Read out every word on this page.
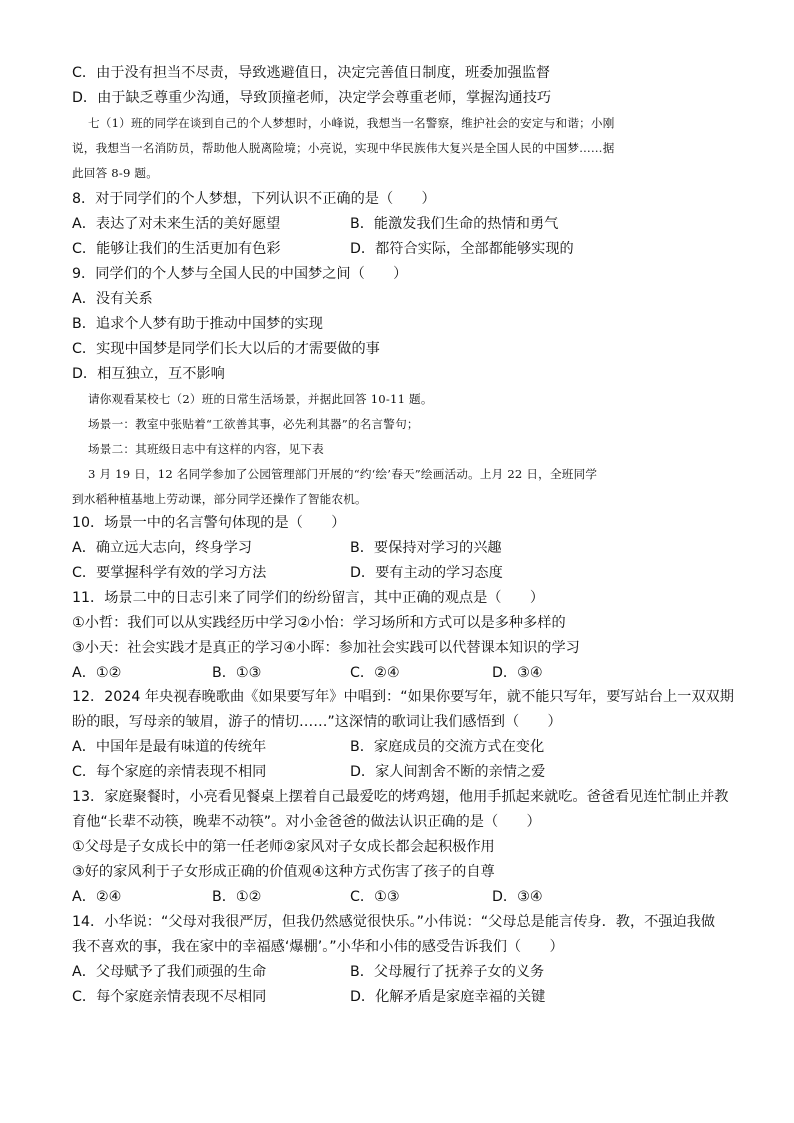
C．由于没有担当不尽责，导致逃避值日，决定完善值日制度，班委加强监督
D．由于缺乏尊重少沟通，导致顶撞老师，决定学会尊重老师，掌握沟通技巧
七（1）班的同学在谈到自己的个人梦想时，小峰说，我想当一名警察，维护社会的安定与和谐；小刚
说，我想当一名消防员，帮助他人脱离险境；小亮说，实现中华民族伟大复兴是全国人民的中国梦……据
此回答 8-9 题。
8．对于同学们的个人梦想，下列认识不正确的是（　　）
A．表达了对未来生活的美好愿望	B．能激发我们生命的热情和勇气
C．能够让我们的生活更加有色彩	D．都符合实际，全部都能够实现的
9．同学们的个人梦与全国人民的中国梦之间（　　）
A．没有关系
B．追求个人梦有助于推动中国梦的实现
C．实现中国梦是同学们长大以后的才需要做的事
D．相互独立，互不影响
请你观看某校七（2）班的日常生活场景，并据此回答 10-11 题。
场景一：教室中张贴着“工欲善其事，必先利其器”的名言警句；
场景二：其班级日志中有这样的内容，见下表
3 月 19 日，12 名同学参加了公园管理部门开展的“约‘绘’春天”绘画活动。上月 22 日，全班同学
到水稻种植基地上劳动课，部分同学还操作了智能农机。
10．场景一中的名言警句体现的是（　　）
A．确立远大志向，终身学习	B．要保持对学习的兴趣
C．要掌握科学有效的学习方法	D．要有主动的学习态度
11．场景二中的日志引来了同学们的纷纷留言，其中正确的观点是（　　）
①小哲：我们可以从实践经历中学习②小怡：学习场所和方式可以是多种多样的
③小天：社会实践才是真正的学习④小晖：参加社会实践可以代替课本知识的学习
A．①②	B．①③	C．②④	D．③④
12．2024 年央视春晚歌曲《如果要写年》中唱到：“如果你要写年，就不能只写年，要写站台上一双双期
盼的眼，写母亲的皱眉，游子的情切……”这深情的歌词让我们感悟到（　　）
A．中国年是最有味道的传统年	B．家庭成员的交流方式在变化
C．每个家庭的亲情表现不相同	D．家人间割舍不断的亲情之爱
13．家庭聚餐时，小亮看见餐桌上摆着自己最爱吃的烤鸡翅，他用手抓起来就吃。爸爸看见连忙制止并教
育他“长辈不动筷，晚辈不动筷”。对小金爸爸的做法认识正确的是（　　）
①父母是子女成长中的第一任老师②家风对子女成长都会起积极作用
③好的家风利于子女形成正确的价值观④这种方式伤害了孩子的自尊
A．②④	B．①②	C．①③	D．③④
14．小华说：“父母对我很严厉，但我仍然感觉很快乐。”小伟说：“父母总是能言传身．教，不强迫我做
我不喜欢的事，我在家中的幸福感‘爆棚’。”小华和小伟的感受告诉我们（　　）
A．父母赋予了我们顽强的生命	B．父母履行了抚养子女的义务
C．每个家庭亲情表现不尽相同	D．化解矛盾是家庭幸福的关键
